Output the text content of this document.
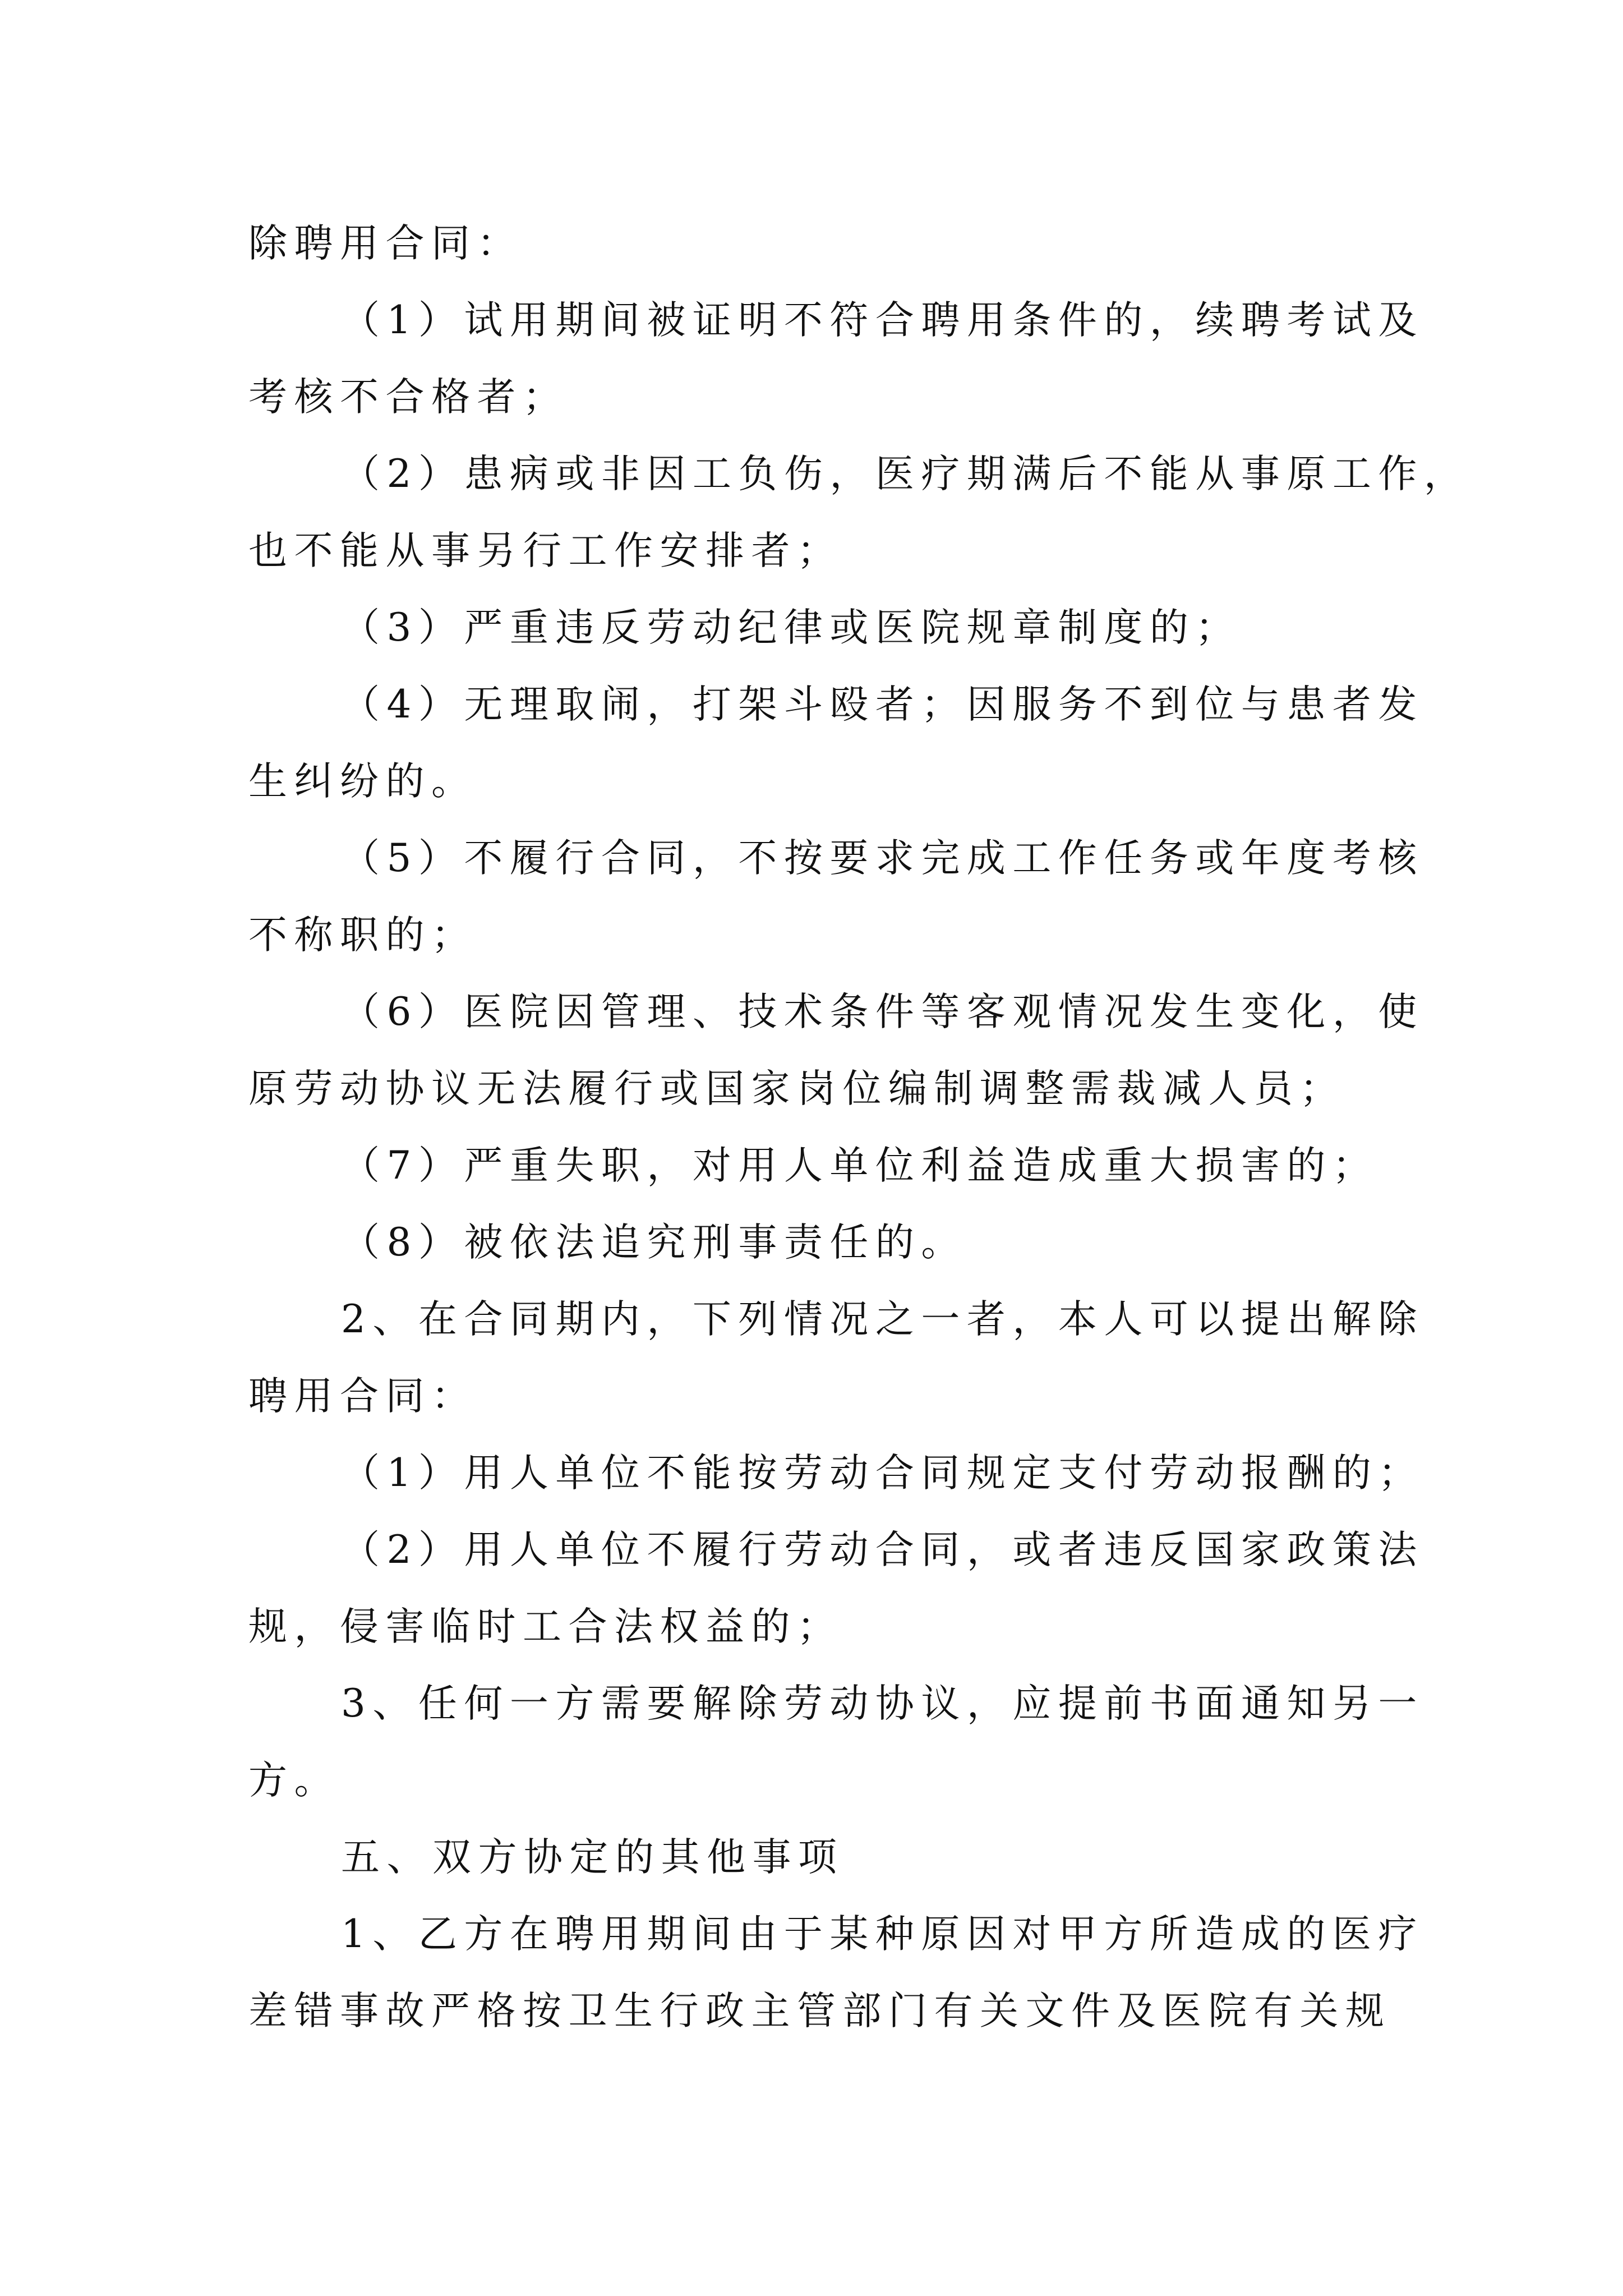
除聘用合同：
（1）试用期间被证明不符合聘用条件的，续聘考试及
考核不合格者；
（2）患病或非因工负伤，医疗期满后不能从事原工作，
也不能从事另行工作安排者；
（3）严重违反劳动纪律或医院规章制度的；
（4）无理取闹，打架斗殴者；因服务不到位与患者发
生纠纷的。
（5）不履行合同，不按要求完成工作任务或年度考核
不称职的；
（6）医院因管理、技术条件等客观情况发生变化，使
原劳动协议无法履行或国家岗位编制调整需裁减人员；
（7）严重失职，对用人单位利益造成重大损害的；
（8）被依法追究刑事责任的。
2、在合同期内，下列情况之一者，本人可以提出解除
聘用合同：
（1）用人单位不能按劳动合同规定支付劳动报酬的；
（2）用人单位不履行劳动合同，或者违反国家政策法
规，侵害临时工合法权益的；
3、任何一方需要解除劳动协议，应提前书面通知另一
方。
五、双方协定的其他事项
1、乙方在聘用期间由于某种原因对甲方所造成的医疗
差错事故严格按卫生行政主管部门有关文件及医院有关规
